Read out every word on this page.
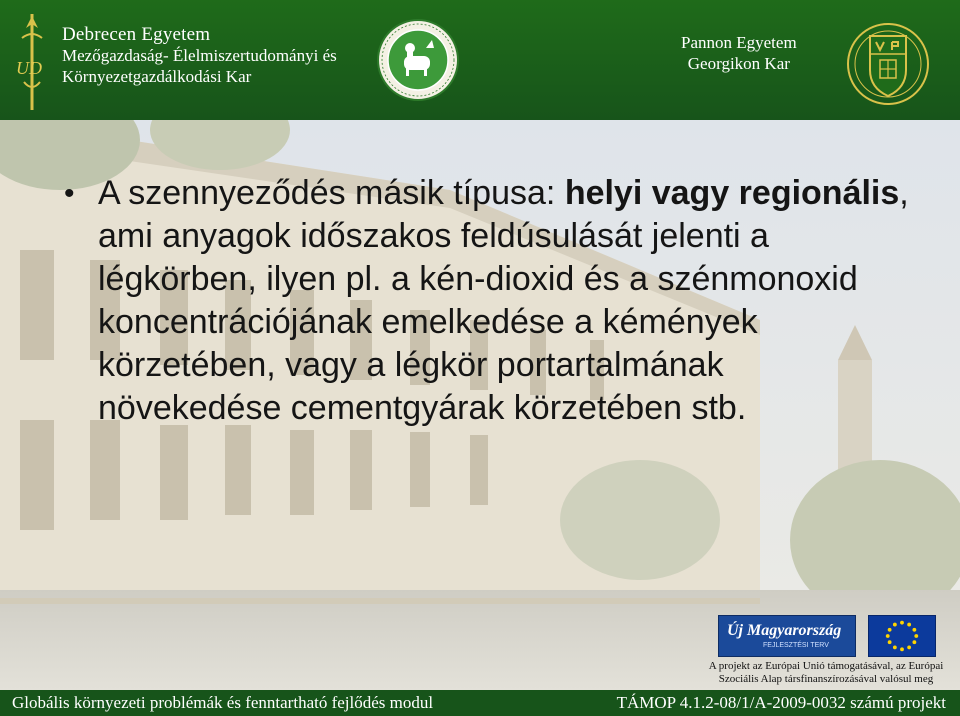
UD
Debrecen Egyetem
Mezőgazdaság- Élelmiszertudományi és
Környezetgazdálkodási Kar
Pannon Egyetem
Georgikon Kar
• A szennyeződés másik típusa: helyi vagy regionális, ami anyagok időszakos feldúsulását jelenti a légkörben, ilyen pl. a kén-dioxid és a szénmonoxid koncentrációjának emelkedése a kémények körzetében, vagy a légkör portartalmának növekedése cementgyárak körzetében stb.
Új Magyarország
FEJLESZTÉSI TERV
A projekt az Európai Unió támogatásával, az Európai
Szociális Alap társfinanszírozásával valósul meg
Globális környezeti problémák és fenntartható fejlődés modul	TÁMOP 4.1.2-08/1/A-2009-0032 számú projekt
